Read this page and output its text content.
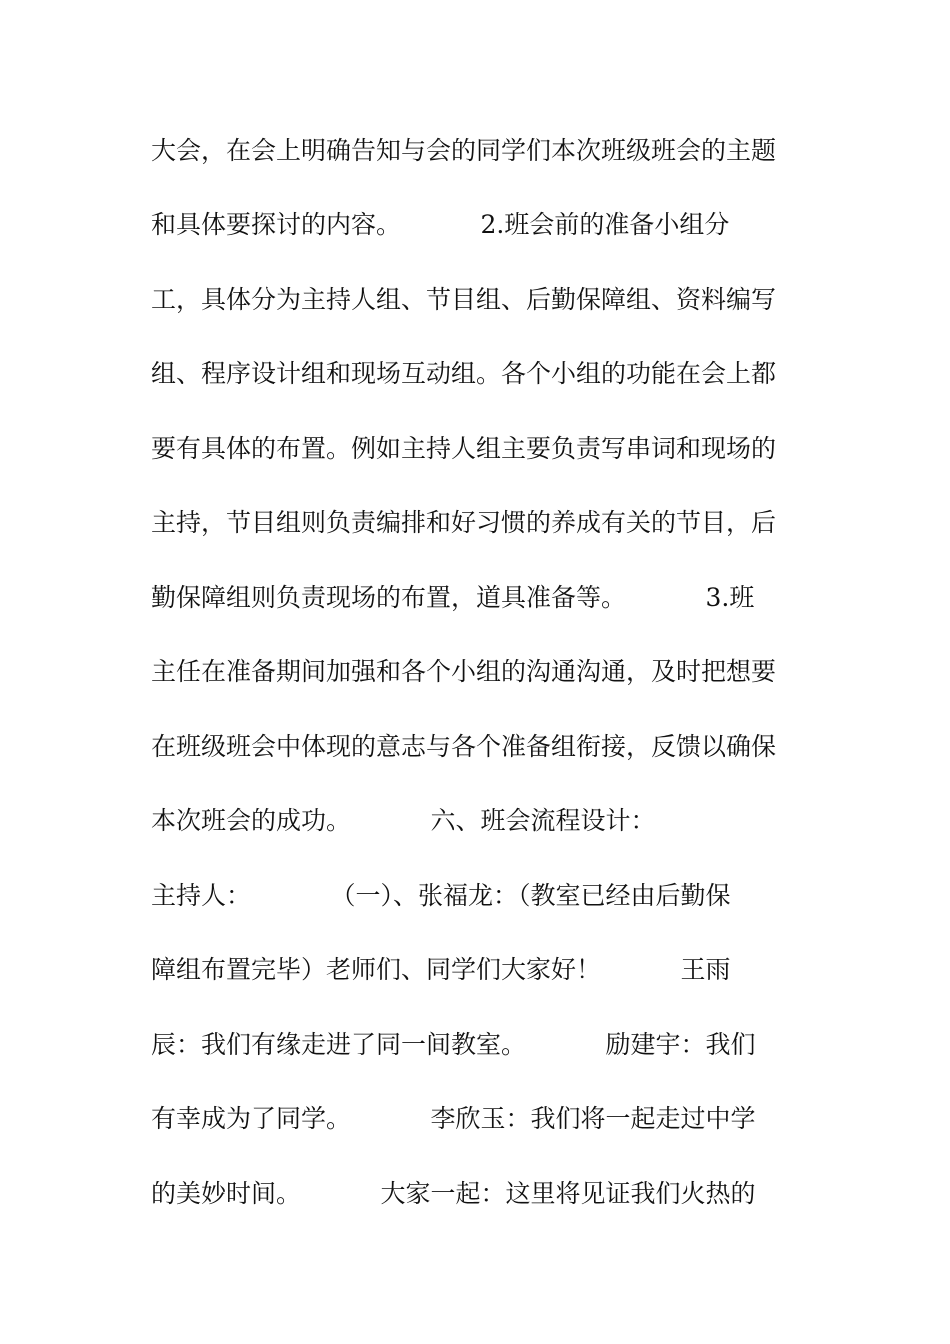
大会，在会上明确告知与会的同学们本次班级班会的主题
和具体要探讨的内容。          2.班会前的准备小组分
工，具体分为主持人组、节目组、后勤保障组、资料编写
组、程序设计组和现场互动组。各个小组的功能在会上都
要有具体的布置。例如主持人组主要负责写串词和现场的
主持，节目组则负责编排和好习惯的养成有关的节目，后
勤保障组则负责现场的布置，道具准备等。          3.班
主任在准备期间加强和各个小组的沟通沟通，及时把想要
在班级班会中体现的意志与各个准备组衔接，反馈以确保
本次班会的成功。          六、班会流程设计：
主持人：          （一）、张福龙：（教室已经由后勤保
障组布置完毕）老师们、同学们大家好！          王雨
辰：我们有缘走进了同一间教室。          励建宇：我们
有幸成为了同学。          李欣玉：我们将一起走过中学
的美妙时间。          大家一起：这里将见证我们火热的
